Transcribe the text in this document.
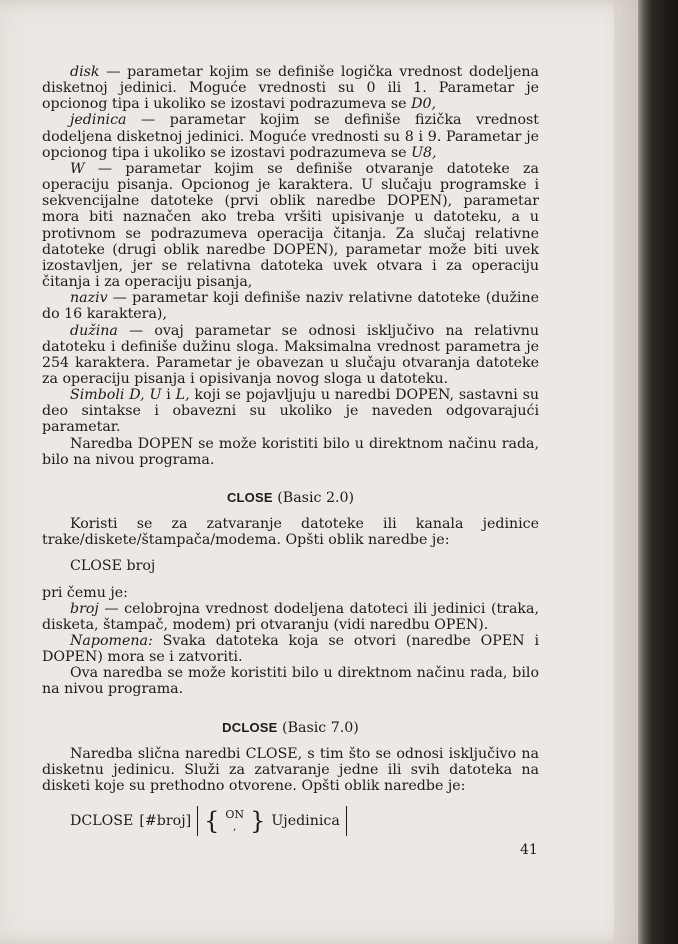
disk — parametar kojim se definiše logička vrednost dodeljena disketnoj jedinici. Moguće vrednosti su 0 ili 1. Parametar je opcionog tipa i ukoliko se izostavi podrazumeva se D0,

jedinica — parametar kojim se definiše fizička vrednost dodeljena disketnoj jedinici. Moguće vrednosti su 8 i 9. Parametar je opcionog tipa i ukoliko se izostavi podrazumeva se U8,

W — parametar kojim se definiše otvaranje datoteke za operaciju pisanja. Opcionog je karaktera. U slučaju programske i sekvencijalne datoteke (prvi oblik naredbe DOPEN), parametar mora biti naznačen ako treba vršiti upisivanje u datoteku, a u protivnom se podrazumeva operacija čitanja. Za slučaj relativne datoteke (drugi oblik naredbe DOPEN), parametar može biti uvek izostavljen, jer se relativna datoteka uvek otvara i za operaciju čitanja i za operaciju pisanja,

naziv — parametar koji definiše naziv relativne datoteke (dužine do 16 karaktera),

dužina — ovaj parametar se odnosi isključivo na relativnu datoteku i definiše dužinu sloga. Maksimalna vrednost parametra je 254 karaktera. Parametar je obavezan u slučaju otvaranja datoteke za operaciju pisanja i opisivanja novog sloga u datoteku.

Simboli D, U i L, koji se pojavljuju u naredbi DOPEN, sastavni su deo sintakse i obavezni su ukoliko je naveden odgovarajući parametar.

Naredba DOPEN se može koristiti bilo u direktnom načinu rada, bilo na nivou programa.

CLOSE (Basic 2.0)

Koristi se za zatvaranje datoteke ili kanala jedinice trake/diskete/štampača/modema. Opšti oblik naredbe je:

CLOSE broj

pri čemu je:

broj — celobrojna vrednost dodeljena datoteci ili jedinici (traka, disketa, štampač, modem) pri otvaranju (vidi naredbu OPEN).

Napomena: Svaka datoteka koja se otvori (naredbe OPEN i DOPEN) mora se i zatvoriti.

Ova naredba se može koristiti bilo u direktnom načinu rada, bilo na nivou programa.

DCLOSE (Basic 7.0)

Naredba slična naredbi CLOSE, s tim što se odnosi isključivo na disketnu jedinicu. Služi za zatvaranje jedne ili svih datoteka na disketi koje su prethodno otvorene. Opšti oblik naredbe je:

DCLOSE [#broj] { ON
, } Ujedinica
41
